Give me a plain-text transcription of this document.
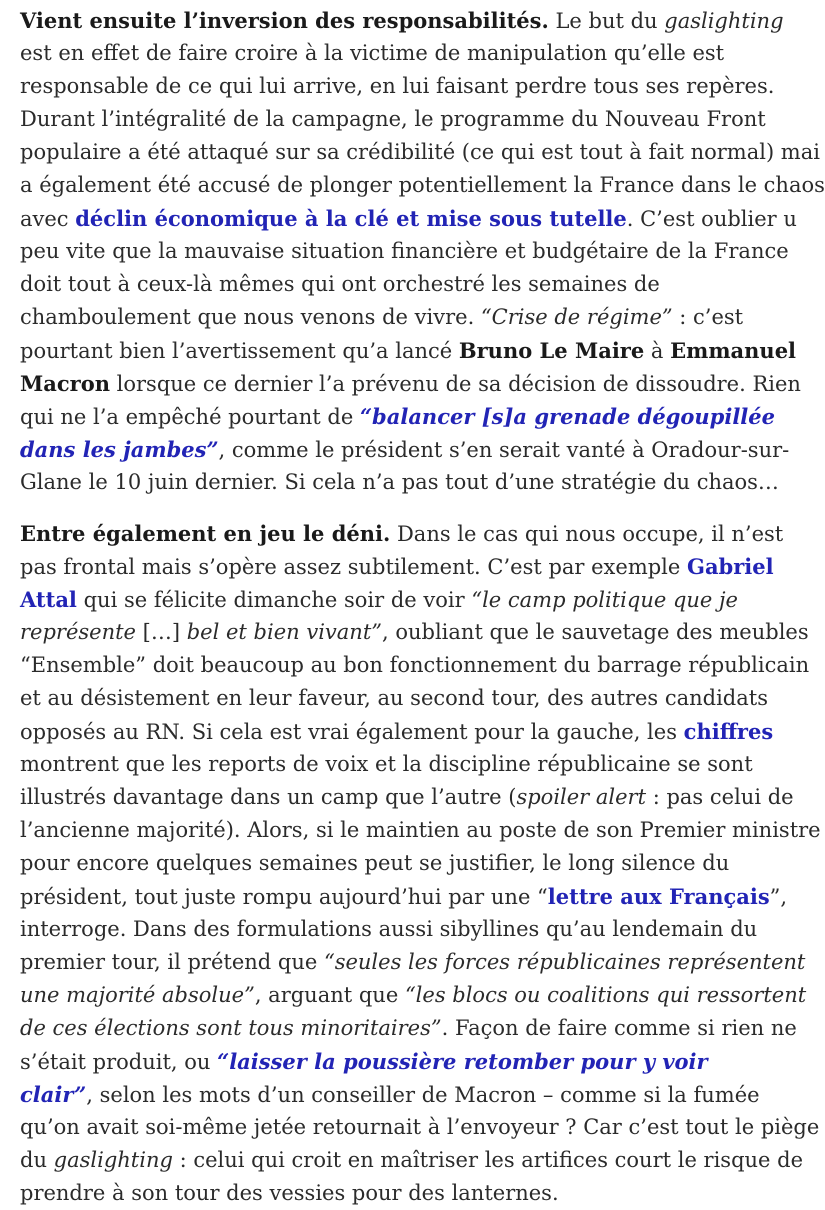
Vient ensuite l’inversion des responsabilités. Le but du gaslighting
est en effet de faire croire à la victime de manipulation qu’elle est
responsable de ce qui lui arrive, en lui faisant perdre tous ses repères.
Durant l’intégralité de la campagne, le programme du Nouveau Front
populaire a été attaqué sur sa crédibilité (ce qui est tout à fait normal) mai
a également été accusé de plonger potentiellement la France dans le chaos
avec déclin économique à la clé et mise sous tutelle. C’est oublier u
peu vite que la mauvaise situation financière et budgétaire de la France
doit tout à ceux-là mêmes qui ont orchestré les semaines de
chamboulement que nous venons de vivre. “Crise de régime” : c’est
pourtant bien l’avertissement qu’a lancé Bruno Le Maire à Emmanuel
Macron lorsque ce dernier l’a prévenu de sa décision de dissoudre. Rien
qui ne l’a empêché pourtant de “balancer [s]a grenade dégoupillée
dans les jambes”, comme le président s’en serait vanté à Oradour-sur-
Glane le 10 juin dernier. Si cela n’a pas tout d’une stratégie du chaos…

Entre également en jeu le déni. Dans le cas qui nous occupe, il n’est
pas frontal mais s’opère assez subtilement. C’est par exemple Gabriel
Attal qui se félicite dimanche soir de voir “le camp politique que je
représente […] bel et bien vivant”, oubliant que le sauvetage des meubles
“Ensemble” doit beaucoup au bon fonctionnement du barrage républicain
et au désistement en leur faveur, au second tour, des autres candidats
opposés au RN. Si cela est vrai également pour la gauche, les chiffres
montrent que les reports de voix et la discipline républicaine se sont
illustrés davantage dans un camp que l’autre (spoiler alert : pas celui de
l’ancienne majorité). Alors, si le maintien au poste de son Premier ministre
pour encore quelques semaines peut se justifier, le long silence du
président, tout juste rompu aujourd’hui par une “lettre aux Français”,
interroge. Dans des formulations aussi sibyllines qu’au lendemain du
premier tour, il prétend que “seules les forces républicaines représentent
une majorité absolue”, arguant que “les blocs ou coalitions qui ressortent
de ces élections sont tous minoritaires”. Façon de faire comme si rien ne
s’était produit, ou “laisser la poussière retomber pour y voir
clair”, selon les mots d’un conseiller de Macron – comme si la fumée
qu’on avait soi-même jetée retournait à l’envoyeur ? Car c’est tout le piège
du gaslighting : celui qui croit en maîtriser les artifices court le risque de
prendre à son tour des vessies pour des lanternes.
